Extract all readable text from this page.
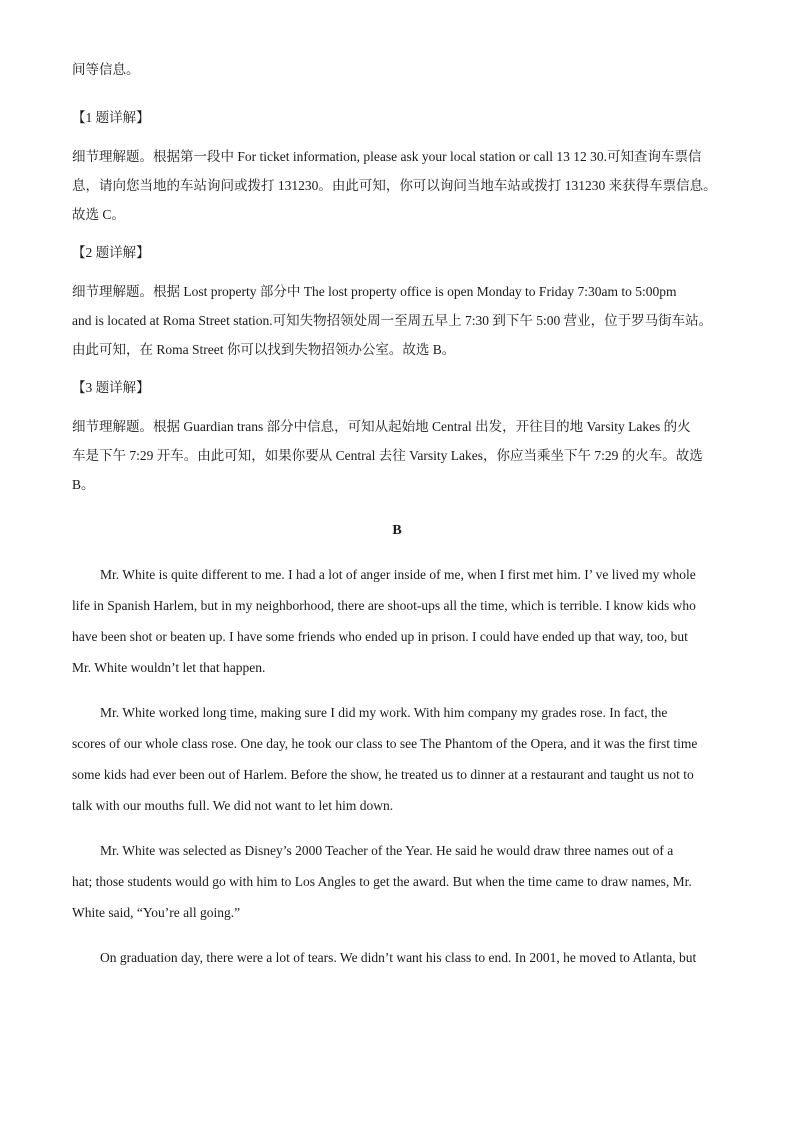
间等信息。

【1 题详解】

细节理解题。根据第一段中 For ticket information, please ask your local station or call 13 12 30.可知查询车票信

息，请向您当地的车站询问或拨打 131230。由此可知，你可以询问当地车站或拨打 131230 来获得车票信息。

故选 C。

【2 题详解】

细节理解题。根据 Lost property 部分中 The lost property office is open Monday to Friday 7:30am to 5:00pm

and is located at Roma Street station.可知失物招领处周一至周五早上 7:30 到下午 5:00 营业，位于罗马街车站。

由此可知，在 Roma Street 你可以找到失物招领办公室。故选 B。

【3 题详解】

细节理解题。根据 Guardian trans 部分中信息，可知从起始地 Central 出发，开往目的地 Varsity Lakes 的火

车是下午 7:29 开车。由此可知，如果你要从 Central 去往 Varsity Lakes，你应当乘坐下午 7:29 的火车。故选

B。

B

Mr. White is quite different to me. I had a lot of anger inside of me, when I first met him. I’ ve lived my whole

life in Spanish Harlem, but in my neighborhood, there are shoot-ups all the time, which is terrible. I know kids who

have been shot or beaten up. I have some friends who ended up in prison. I could have ended up that way, too, but

Mr. White wouldn’t let that happen.

Mr. White worked long time, making sure I did my work. With him company my grades rose. In fact, the

scores of our whole class rose. One day, he took our class to see The Phantom of the Opera, and it was the first time

some kids had ever been out of Harlem. Before the show, he treated us to dinner at a restaurant and taught us not to

talk with our mouths full. We did not want to let him down.

Mr. White was selected as Disney’s 2000 Teacher of the Year. He said he would draw three names out of a

hat; those students would go with him to Los Angles to get the award. But when the time came to draw names, Mr.

White said, “You’re all going.”

On graduation day, there were a lot of tears. We didn’t want his class to end. In 2001, he moved to Atlanta, but
